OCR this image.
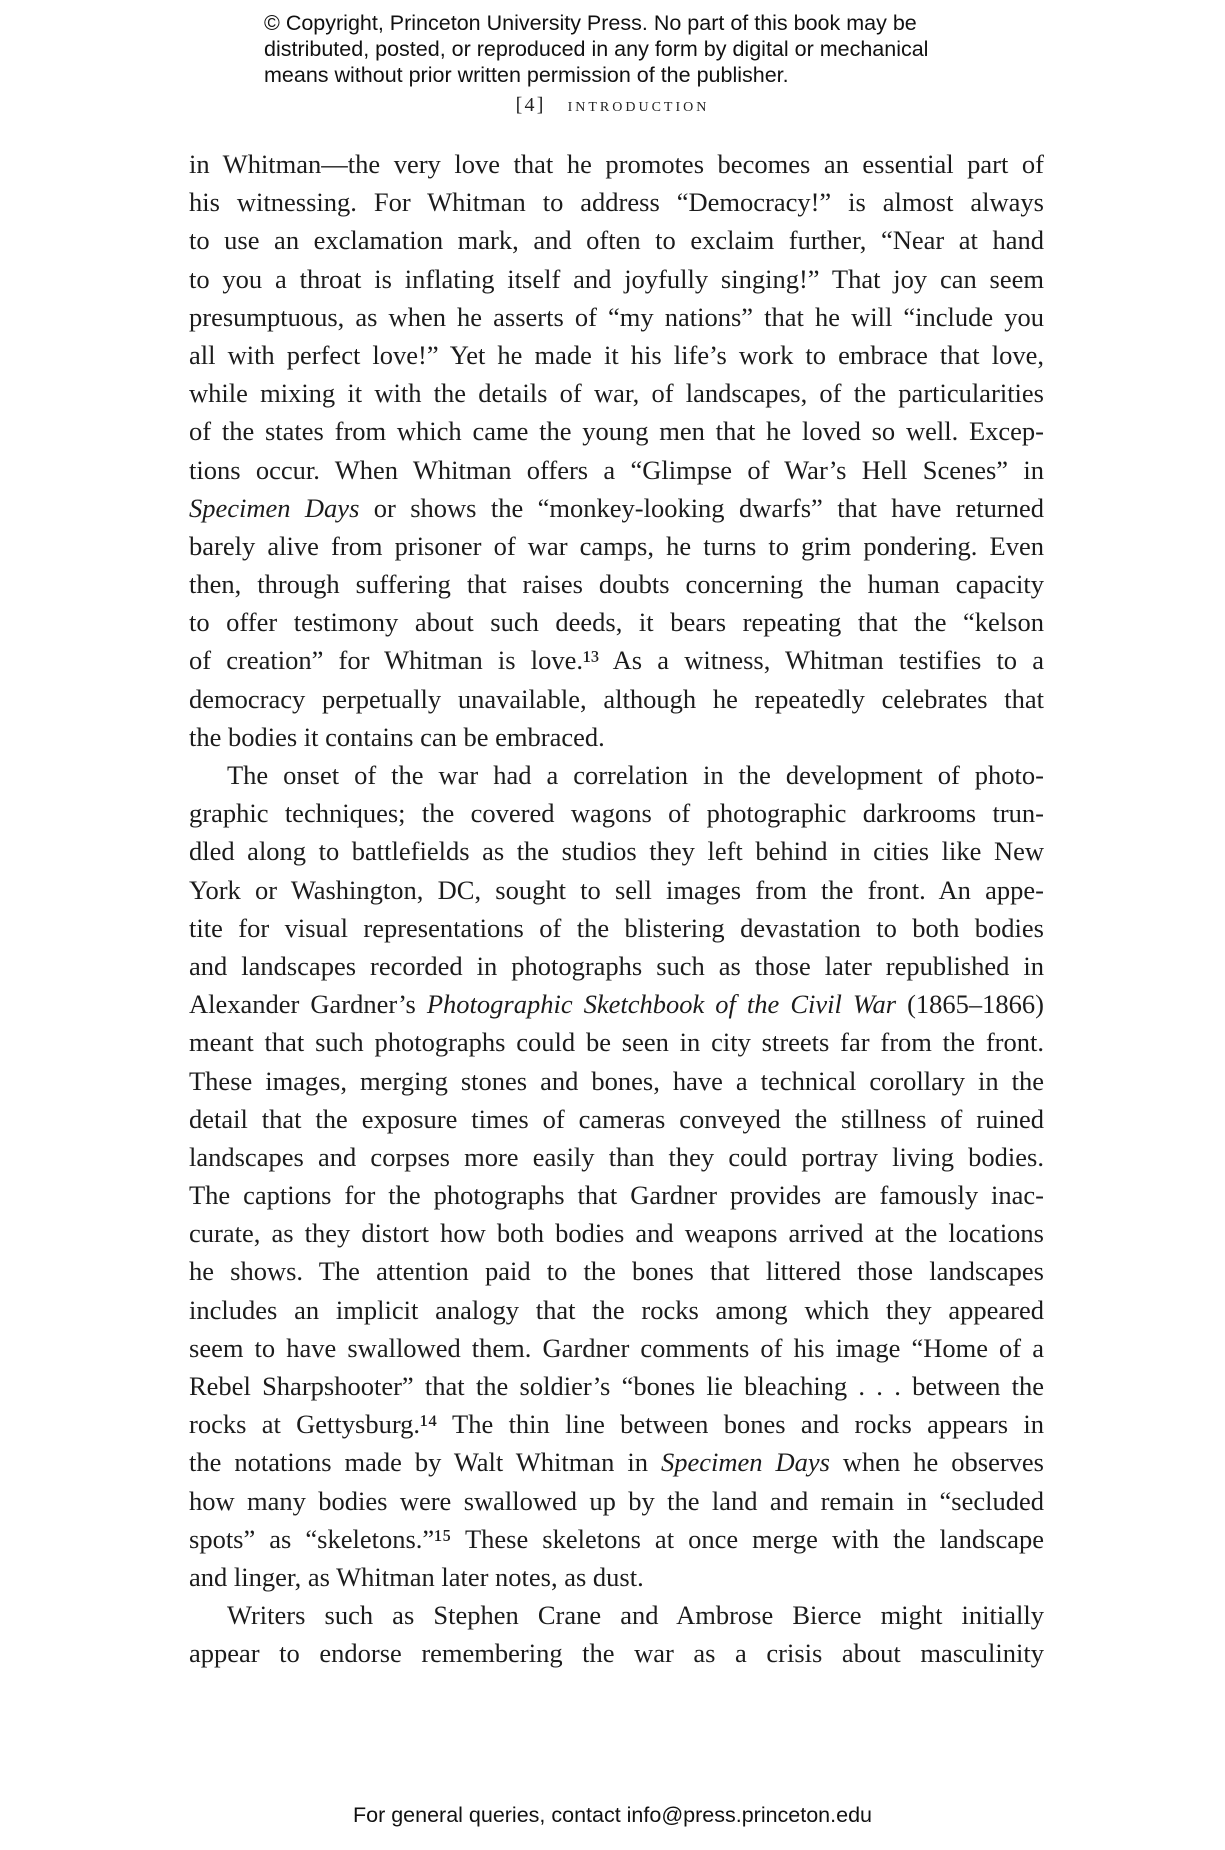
© Copyright, Princeton University Press. No part of this book may be
distributed, posted, or reproduced in any form by digital or mechanical
means without prior written permission of the publisher.
[4] introduction
in Whitman—the very love that he promotes becomes an essential part of
his witnessing. For Whitman to address “Democracy!” is almost always
to use an exclamation mark, and often to exclaim further, “Near at hand
to you a throat is inflating itself and joyfully singing!” That joy can seem
presumptuous, as when he asserts of “my nations” that he will “include you
all with perfect love!” Yet he made it his life’s work to embrace that love,
while mixing it with the details of war, of landscapes, of the particularities
of the states from which came the young men that he loved so well. Excep-
tions occur. When Whitman offers a “Glimpse of War’s Hell Scenes” in
Specimen Days or shows the “monkey-looking dwarfs” that have returned
barely alive from prisoner of war camps, he turns to grim pondering. Even
then, through suffering that raises doubts concerning the human capacity
to offer testimony about such deeds, it bears repeating that the “kelson
of creation” for Whitman is love.¹³ As a witness, Whitman testifies to a
democracy perpetually unavailable, although he repeatedly celebrates that
the bodies it contains can be embraced.
The onset of the war had a correlation in the development of photo-
graphic techniques; the covered wagons of photographic darkrooms trun-
dled along to battlefields as the studios they left behind in cities like New
York or Washington, DC, sought to sell images from the front. An appe-
tite for visual representations of the blistering devastation to both bodies
and landscapes recorded in photographs such as those later republished in
Alexander Gardner’s Photographic Sketchbook of the Civil War (1865–1866)
meant that such photographs could be seen in city streets far from the front.
These images, merging stones and bones, have a technical corollary in the
detail that the exposure times of cameras conveyed the stillness of ruined
landscapes and corpses more easily than they could portray living bodies.
The captions for the photographs that Gardner provides are famously inac-
curate, as they distort how both bodies and weapons arrived at the locations
he shows. The attention paid to the bones that littered those landscapes
includes an implicit analogy that the rocks among which they appeared
seem to have swallowed them. Gardner comments of his image “Home of a
Rebel Sharpshooter” that the soldier’s “bones lie bleaching . . . between the
rocks at Gettysburg.¹⁴ The thin line between bones and rocks appears in
the notations made by Walt Whitman in Specimen Days when he observes
how many bodies were swallowed up by the land and remain in “secluded
spots” as “skeletons.”¹⁵ These skeletons at once merge with the landscape
and linger, as Whitman later notes, as dust.
Writers such as Stephen Crane and Ambrose Bierce might initially
appear to endorse remembering the war as a crisis about masculinity
For general queries, contact info@press.princeton.edu
